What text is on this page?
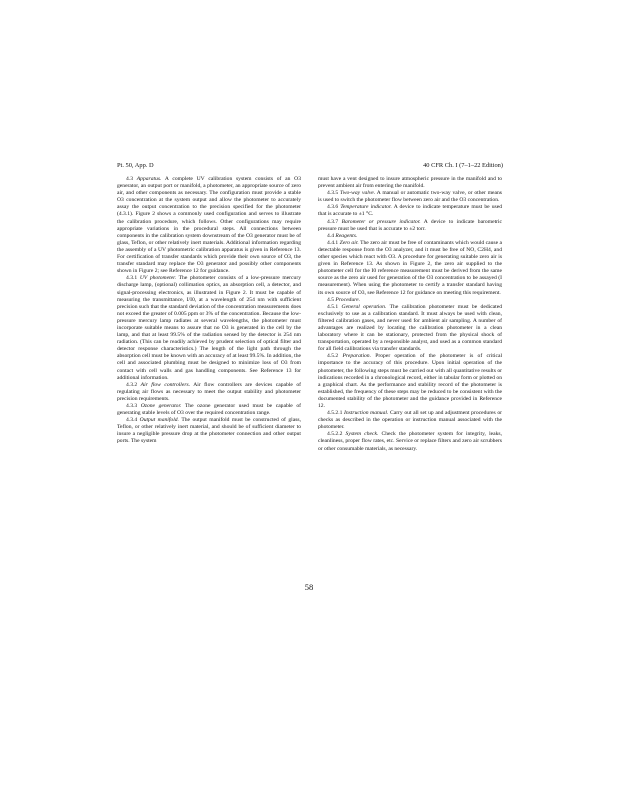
Pt. 50, App. D	40 CFR Ch. I (7–1–22 Edition)

4.3 Apparatus. A complete UV calibration system consists of an O3 generator, an output port or manifold, a photometer, an appropriate source of zero air, and other components as necessary. The configuration must provide a stable O3 concentration at the system output and allow the photometer to accurately assay the output concentration to the precision specified for the photometer (4.3.1). Figure 2 shows a commonly used configuration and serves to illustrate the calibration procedure, which follows. Other configurations may require appropriate variations in the procedural steps. All connections between components in the calibration system downstream of the O3 generator must be of glass, Teflon, or other relatively inert materials. Additional information regarding the assembly of a UV photometric calibration apparatus is given in Reference 13. For certification of transfer standards which provide their own source of O3, the transfer standard may replace the O3 generator and possibly other components shown in Figure 2; see Reference 12 for guidance.

4.3.1 UV photometer. The photometer consists of a low-pressure mercury discharge lamp, (optional) collimation optics, an absorption cell, a detector, and signal-processing electronics, as illustrated in Figure 2. It must be capable of measuring the transmittance, I/I0, at a wavelength of 254 nm with sufficient precision such that the standard deviation of the concentration measurements does not exceed the greater of 0.005 ppm or 3% of the concentration. Because the low-pressure mercury lamp radiates at several wavelengths, the photometer must incorporate suitable means to assure that no O3 is generated in the cell by the lamp, and that at least 99.5% of the radiation sensed by the detector is 254 nm radiation. (This can be readily achieved by prudent selection of optical filter and detector response characteristics.) The length of the light path through the absorption cell must be known with an accuracy of at least 99.5%. In addition, the cell and associated plumbing must be designed to minimize loss of O3 from contact with cell walls and gas handling components. See Reference 13 for additional information.

4.3.2 Air flow controllers. Air flow controllers are devices capable of regulating air flows as necessary to meet the output stability and photometer precision requirements.

4.3.3 Ozone generator. The ozone generator used must be capable of generating stable levels of O3 over the required concentration range.

4.3.4 Output manifold. The output manifold must be constructed of glass, Teflon, or other relatively inert material, and should be of sufficient diameter to insure a negligible pressure drop at the photometer connection and other output ports. The system

must have a vent designed to insure atmospheric pressure in the manifold and to prevent ambient air from entering the manifold.

4.3.5 Two-way valve. A manual or automatic two-way valve, or other means is used to switch the photometer flow between zero air and the O3 concentration.

4.3.6 Temperature indicator. A device to indicate temperature must be used that is accurate to ±1 °C.

4.3.7 Barometer or pressure indicator. A device to indicate barometric pressure must be used that is accurate to ±2 torr.

4.4 Reagents.

4.4.1 Zero air. The zero air must be free of contaminants which would cause a detectable response from the O3 analyzer, and it must be free of NO, C2H4, and other species which react with O3. A procedure for generating suitable zero air is given in Reference 13. As shown in Figure 2, the zero air supplied to the photometer cell for the I0 reference measurement must be derived from the same source as the zero air used for generation of the O3 concentration to be assayed (I measurement). When using the photometer to certify a transfer standard having its own source of O3, see Reference 12 for guidance on meeting this requirement.

4.5 Procedure.

4.5.1 General operation. The calibration photometer must be dedicated exclusively to use as a calibration standard. It must always be used with clean, filtered calibration gases, and never used for ambient air sampling. A number of advantages are realized by locating the calibration photometer in a clean laboratory where it can be stationary, protected from the physical shock of transportation, operated by a responsible analyst, and used as a common standard for all field calibrations via transfer standards.

4.5.2 Preparation. Proper operation of the photometer is of critical importance to the accuracy of this procedure. Upon initial operation of the photometer, the following steps must be carried out with all quantitative results or indications recorded in a chronological record, either in tabular form or plotted on a graphical chart. As the performance and stability record of the photometer is established, the frequency of these steps may be reduced to be consistent with the documented stability of the photometer and the guidance provided in Reference 12.

4.5.2.1 Instruction manual. Carry out all set up and adjustment procedures or checks as described in the operation or instruction manual associated with the photometer.

4.5.2.2 System check. Check the photometer system for integrity, leaks, cleanliness, proper flow rates, etc. Service or replace filters and zero air scrubbers or other consumable materials, as necessary.

58
